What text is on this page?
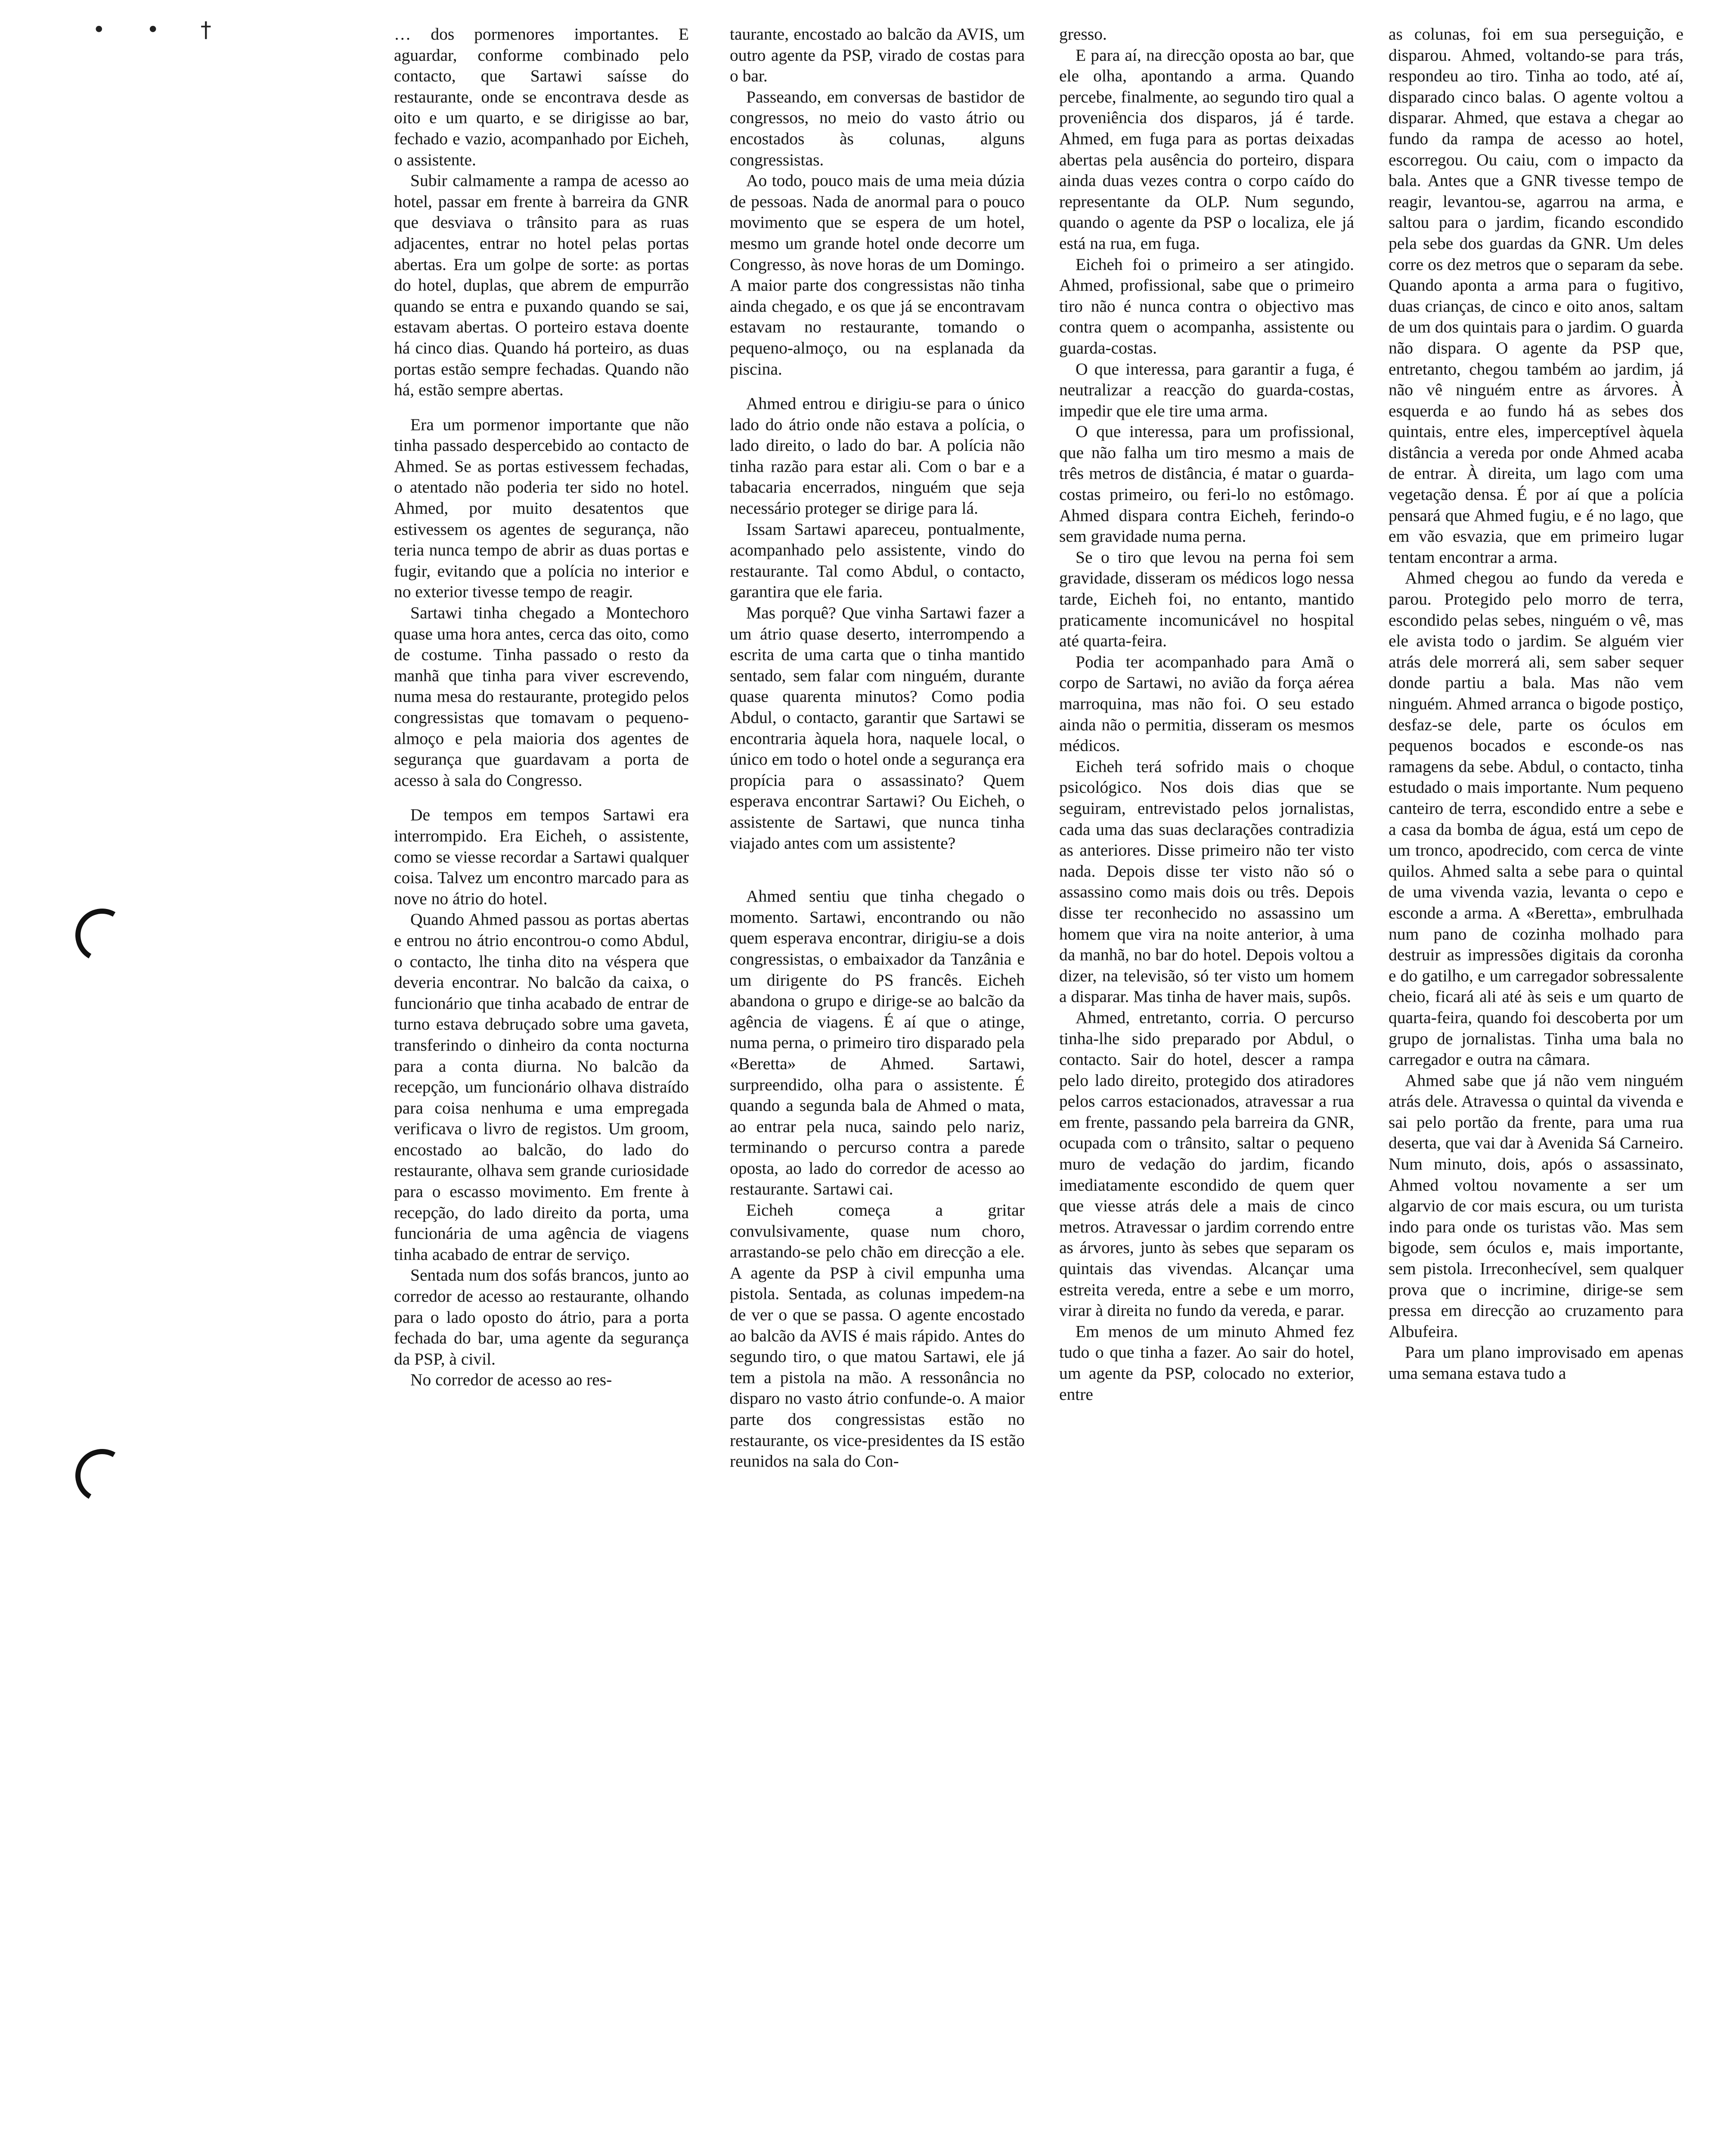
• • †	… dos pormenores importantes. E aguardar, conforme combinado pelo contacto, que Sartawi saísse do restaurante, onde se encontrava desde as oito e um quarto, e se dirigisse ao bar, fechado e vazio, acompanhado por Eicheh, o assistente.

Subir calmamente a rampa de acesso ao hotel, passar em frente à barreira da GNR que desviava o trânsito para as ruas adjacentes, entrar no hotel pelas portas abertas. Era um golpe de sorte: as portas do hotel, duplas, que abrem de empurrão quando se entra e puxando quando se sai, estavam abertas. O porteiro estava doente há cinco dias. Quando há porteiro, as duas portas estão sempre fechadas. Quando não há, estão sempre abertas.

Era um pormenor importante que não tinha passado despercebido ao contacto de Ahmed. Se as portas estivessem fechadas, o atentado não poderia ter sido no hotel. Ahmed, por muito desatentos que estivessem os agentes de segurança, não teria nunca tempo de abrir as duas portas e fugir, evitando que a polícia no interior e no exterior tivesse tempo de reagir.

Sartawi tinha chegado a Montechoro quase uma hora antes, cerca das oito, como de costume. Tinha passado o resto da manhã que tinha para viver escrevendo, numa mesa do restaurante, protegido pelos congressistas que tomavam o pequeno-almoço e pela maioria dos agentes de segurança que guardavam a porta de acesso à sala do Congresso.

De tempos em tempos Sartawi era interrompido. Era Eicheh, o assistente, como se viesse recordar a Sartawi qualquer coisa. Talvez um encontro marcado para as nove no átrio do hotel.

Quando Ahmed passou as portas abertas e entrou no átrio encontrou-o como Abdul, o contacto, lhe tinha dito na véspera que deveria encontrar. No balcão da caixa, o funcionário que tinha acabado de entrar de turno estava debruçado sobre uma gaveta, transferindo o dinheiro da conta nocturna para a conta diurna. No balcão da recepção, um funcionário olhava distraído para coisa nenhuma e uma empregada verificava o livro de registos. Um groom, encostado ao balcão, do lado do restaurante, olhava sem grande curiosidade para o escasso movimento. Em frente à recepção, do lado direito da porta, uma funcionária de uma agência de viagens tinha acabado de entrar de serviço.

Sentada num dos sofás brancos, junto ao corredor de acesso ao restaurante, olhando para o lado oposto do átrio, para a porta fechada do bar, uma agente da segurança da PSP, à civil.

No corredor de acesso ao res-

taurante, encostado ao balcão da AVIS, um outro agente da PSP, virado de costas para o bar.

Passeando, em conversas de bastidor de congressos, no meio do vasto átrio ou encostados às colunas, alguns congressistas.

Ao todo, pouco mais de uma meia dúzia de pessoas. Nada de anormal para o pouco movimento que se espera de um hotel, mesmo um grande hotel onde decorre um Congresso, às nove horas de um Domingo. A maior parte dos congressistas não tinha ainda chegado, e os que já se encontravam estavam no restaurante, tomando o pequeno-almoço, ou na esplanada da piscina.

Ahmed entrou e dirigiu-se para o único lado do átrio onde não estava a polícia, o lado direito, o lado do bar. A polícia não tinha razão para estar ali. Com o bar e a tabacaria encerrados, ninguém que seja necessário proteger se dirige para lá.

Issam Sartawi apareceu, pontualmente, acompanhado pelo assistente, vindo do restaurante. Tal como Abdul, o contacto, garantira que ele faria.

Mas porquê? Que vinha Sartawi fazer a um átrio quase deserto, interrompendo a escrita de uma carta que o tinha mantido sentado, sem falar com ninguém, durante quase quarenta minutos? Como podia Abdul, o contacto, garantir que Sartawi se encontraria àquela hora, naquele local, o único em todo o hotel onde a segurança era propícia para o assassinato? Quem esperava encontrar Sartawi? Ou Eicheh, o assistente de Sartawi, que nunca tinha viajado antes com um assistente?

Ahmed sentiu que tinha chegado o momento. Sartawi, encontrando ou não quem esperava encontrar, dirigiu-se a dois congressistas, o embaixador da Tanzânia e um dirigente do PS francês. Eicheh abandona o grupo e dirige-se ao balcão da agência de viagens. É aí que o atinge, numa perna, o primeiro tiro disparado pela «Beretta» de Ahmed. Sartawi, surpreendido, olha para o assistente. É quando a segunda bala de Ahmed o mata, ao entrar pela nuca, saindo pelo nariz, terminando o percurso contra a parede oposta, ao lado do corredor de acesso ao restaurante. Sartawi cai.

Eicheh começa a gritar convulsivamente, quase num choro, arrastando-se pelo chão em direcção a ele. A agente da PSP à civil empunha uma pistola. Sentada, as colunas impedem-na de ver o que se passa. O agente encostado ao balcão da AVIS é mais rápido. Antes do segundo tiro, o que matou Sartawi, ele já tem a pistola na mão. A ressonância no disparo no vasto átrio confunde-o. A maior parte dos congressistas estão no restaurante, os vice-presidentes da IS estão reunidos na sala do Con-

gresso.

E para aí, na direcção oposta ao bar, que ele olha, apontando a arma. Quando percebe, finalmente, ao segundo tiro qual a proveniência dos disparos, já é tarde. Ahmed, em fuga para as portas deixadas abertas pela ausência do porteiro, dispara ainda duas vezes contra o corpo caído do representante da OLP. Num segundo, quando o agente da PSP o localiza, ele já está na rua, em fuga.

Eicheh foi o primeiro a ser atingido. Ahmed, profissional, sabe que o primeiro tiro não é nunca contra o objectivo mas contra quem o acompanha, assistente ou guarda-costas.

O que interessa, para garantir a fuga, é neutralizar a reacção do guarda-costas, impedir que ele tire uma arma.

O que interessa, para um profissional, que não falha um tiro mesmo a mais de três metros de distância, é matar o guarda-costas primeiro, ou feri-lo no estômago. Ahmed dispara contra Eicheh, ferindo-o sem gravidade numa perna.

Se o tiro que levou na perna foi sem gravidade, disseram os médicos logo nessa tarde, Eicheh foi, no entanto, mantido praticamente incomunicável no hospital até quarta-feira.

Podia ter acompanhado para Amã o corpo de Sartawi, no avião da força aérea marroquina, mas não foi. O seu estado ainda não o permitia, disseram os mesmos médicos.

Eicheh terá sofrido mais o choque psicológico. Nos dois dias que se seguiram, entrevistado pelos jornalistas, cada uma das suas declarações contradizia as anteriores. Disse primeiro não ter visto nada. Depois disse ter visto não só o assassino como mais dois ou três. Depois disse ter reconhecido no assassino um homem que vira na noite anterior, à uma da manhã, no bar do hotel. Depois voltou a dizer, na televisão, só ter visto um homem a disparar. Mas tinha de haver mais, supôs.

Ahmed, entretanto, corria. O percurso tinha-lhe sido preparado por Abdul, o contacto. Sair do hotel, descer a rampa pelo lado direito, protegido dos atiradores pelos carros estacionados, atravessar a rua em frente, passando pela barreira da GNR, ocupada com o trânsito, saltar o pequeno muro de vedação do jardim, ficando imediatamente escondido de quem quer que viesse atrás dele a mais de cinco metros. Atravessar o jardim correndo entre as árvores, junto às sebes que separam os quintais das vivendas. Alcançar uma estreita vereda, entre a sebe e um morro, virar à direita no fundo da vereda, e parar.

Em menos de um minuto Ahmed fez tudo o que tinha a fazer. Ao sair do hotel, um agente da PSP, colocado no exterior, entre

as colunas, foi em sua perseguição, e disparou. Ahmed, voltando-se para trás, respondeu ao tiro. Tinha ao todo, até aí, disparado cinco balas. O agente voltou a disparar. Ahmed, que estava a chegar ao fundo da rampa de acesso ao hotel, escorregou. Ou caiu, com o impacto da bala. Antes que a GNR tivesse tempo de reagir, levantou-se, agarrou na arma, e saltou para o jardim, ficando escondido pela sebe dos guardas da GNR. Um deles corre os dez metros que o separam da sebe. Quando aponta a arma para o fugitivo, duas crianças, de cinco e oito anos, saltam de um dos quintais para o jardim. O guarda não dispara. O agente da PSP que, entretanto, chegou também ao jardim, já não vê ninguém entre as árvores. À esquerda e ao fundo há as sebes dos quintais, entre eles, imperceptível àquela distância a vereda por onde Ahmed acaba de entrar. À direita, um lago com uma vegetação densa. É por aí que a polícia pensará que Ahmed fugiu, e é no lago, que em vão esvazia, que em primeiro lugar tentam encontrar a arma.

Ahmed chegou ao fundo da vereda e parou. Protegido pelo morro de terra, escondido pelas sebes, ninguém o vê, mas ele avista todo o jardim. Se alguém vier atrás dele morrerá ali, sem saber sequer donde partiu a bala. Mas não vem ninguém. Ahmed arranca o bigode postiço, desfaz-se dele, parte os óculos em pequenos bocados e esconde-os nas ramagens da sebe. Abdul, o contacto, tinha estudado o mais importante. Num pequeno canteiro de terra, escondido entre a sebe e a casa da bomba de água, está um cepo de um tronco, apodrecido, com cerca de vinte quilos. Ahmed salta a sebe para o quintal de uma vivenda vazia, levanta o cepo e esconde a arma. A «Beretta», embrulhada num pano de cozinha molhado para destruir as impressões digitais da coronha e do gatilho, e um carregador sobressalente cheio, ficará ali até às seis e um quarto de quarta-feira, quando foi descoberta por um grupo de jornalistas. Tinha uma bala no carregador e outra na câmara.

Ahmed sabe que já não vem ninguém atrás dele. Atravessa o quintal da vivenda e sai pelo portão da frente, para uma rua deserta, que vai dar à Avenida Sá Carneiro. Num minuto, dois, após o assassinato, Ahmed voltou novamente a ser um algarvio de cor mais escura, ou um turista indo para onde os turistas vão. Mas sem bigode, sem óculos e, mais importante, sem pistola. Irreconhecível, sem qualquer prova que o incrimine, dirige-se sem pressa em direcção ao cruzamento para Albufeira.

Para um plano improvisado em apenas uma semana estava tudo a
